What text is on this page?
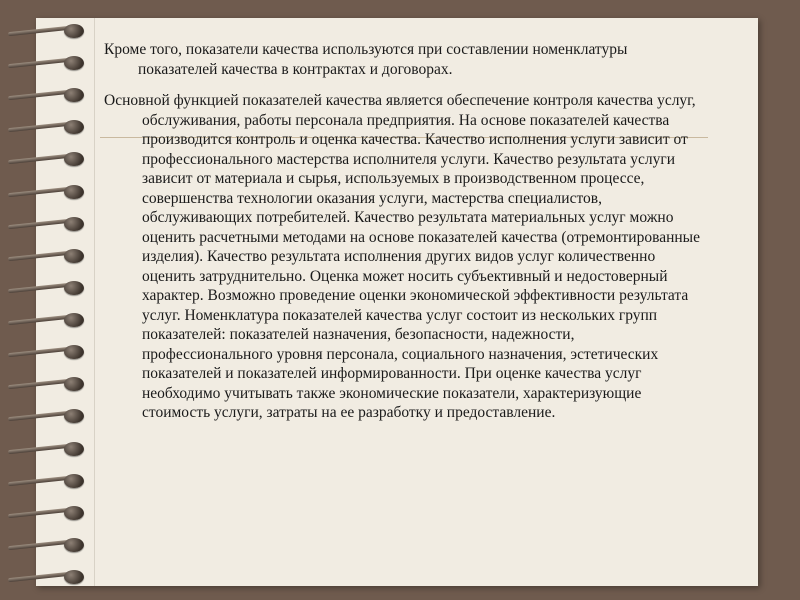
Кроме того, показатели качества используются при составлении номенклатуры показателей качества в контрактах и договорах.

Основной функцией показателей качества является обеспечение контроля качества услуг, обслуживания, работы персонала предприятия. На основе показателей качества производится контроль и оценка качества. Качество исполнения услуги зависит от профессионального мастерства исполнителя услуги. Качество результата услуги зависит от материала и сырья, используемых в производственном процессе, совершенства технологии оказания услуги, мастерства специалистов, обслуживающих потребителей. Качество результата материальных услуг можно оценить расчетными методами на основе показателей качества (отремонтированные изделия). Качество результата исполнения других видов услуг количественно оценить затруднительно. Оценка может носить субъективный и недостоверный характер. Возможно проведение оценки экономической эффективности результата услуг. Номенклатура показателей качества услуг состоит из нескольких групп показателей: показателей назначения, безопасности, надежности, профессионального уровня персонала, социального назначения, эстетических показателей и показателей информированности. При оценке качества услуг необходимо учитывать также экономические показатели, характеризующие стоимость услуги, затраты на ее разработку и предоставление.
